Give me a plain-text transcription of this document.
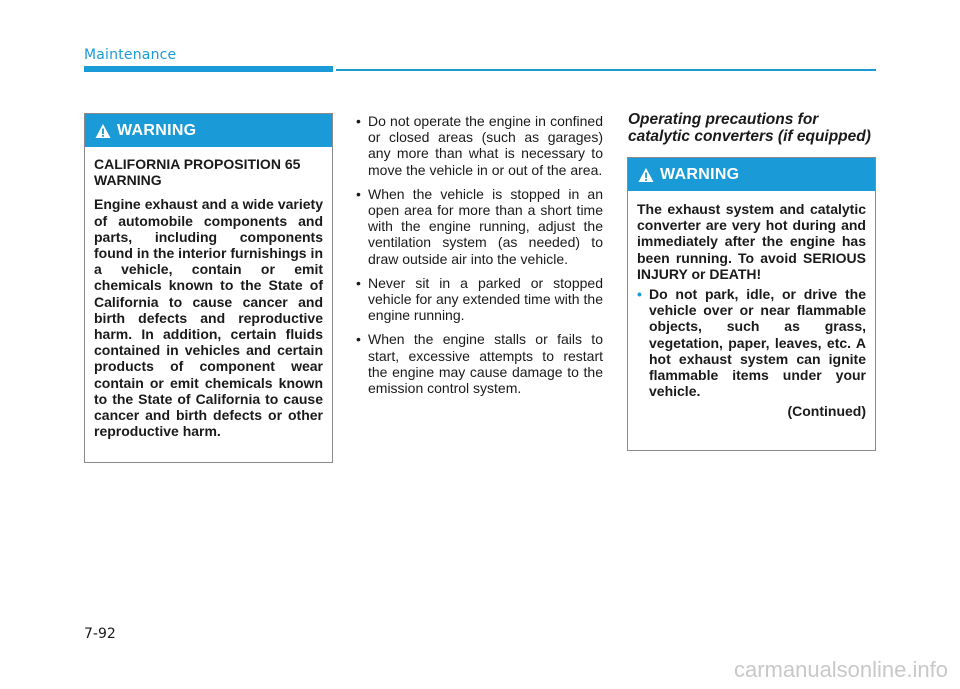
Maintenance
WARNING

CALIFORNIA PROPOSITION 65 WARNING

Engine exhaust and a wide variety of automobile components and parts, including components found in the interior furnishings in a vehicle, contain or emit chemicals known to the State of California to cause cancer and birth defects and reproductive harm. In addition, certain fluids contained in vehicles and certain products of component wear contain or emit chemicals known to the State of California to cause cancer and birth defects or other reproductive harm.

• Do not operate the engine in confined or closed areas (such as garages) any more than what is necessary to move the vehicle in or out of the area.
• When the vehicle is stopped in an open area for more than a short time with the engine running, adjust the ventilation system (as needed) to draw outside air into the vehicle.
• Never sit in a parked or stopped vehicle for any extended time with the engine running.
• When the engine stalls or fails to start, excessive attempts to restart the engine may cause damage to the emission control system.
Operating precautions for catalytic converters (if equipped)
WARNING

The exhaust system and catalytic converter are very hot during and immediately after the engine has been running. To avoid SERIOUS INJURY or DEATH!

• Do not park, idle, or drive the vehicle over or near flammable objects, such as grass, vegetation, paper, leaves, etc. A hot exhaust system can ignite flammable items under your vehicle.
(Continued)
7-92
carmanualsonline.info
